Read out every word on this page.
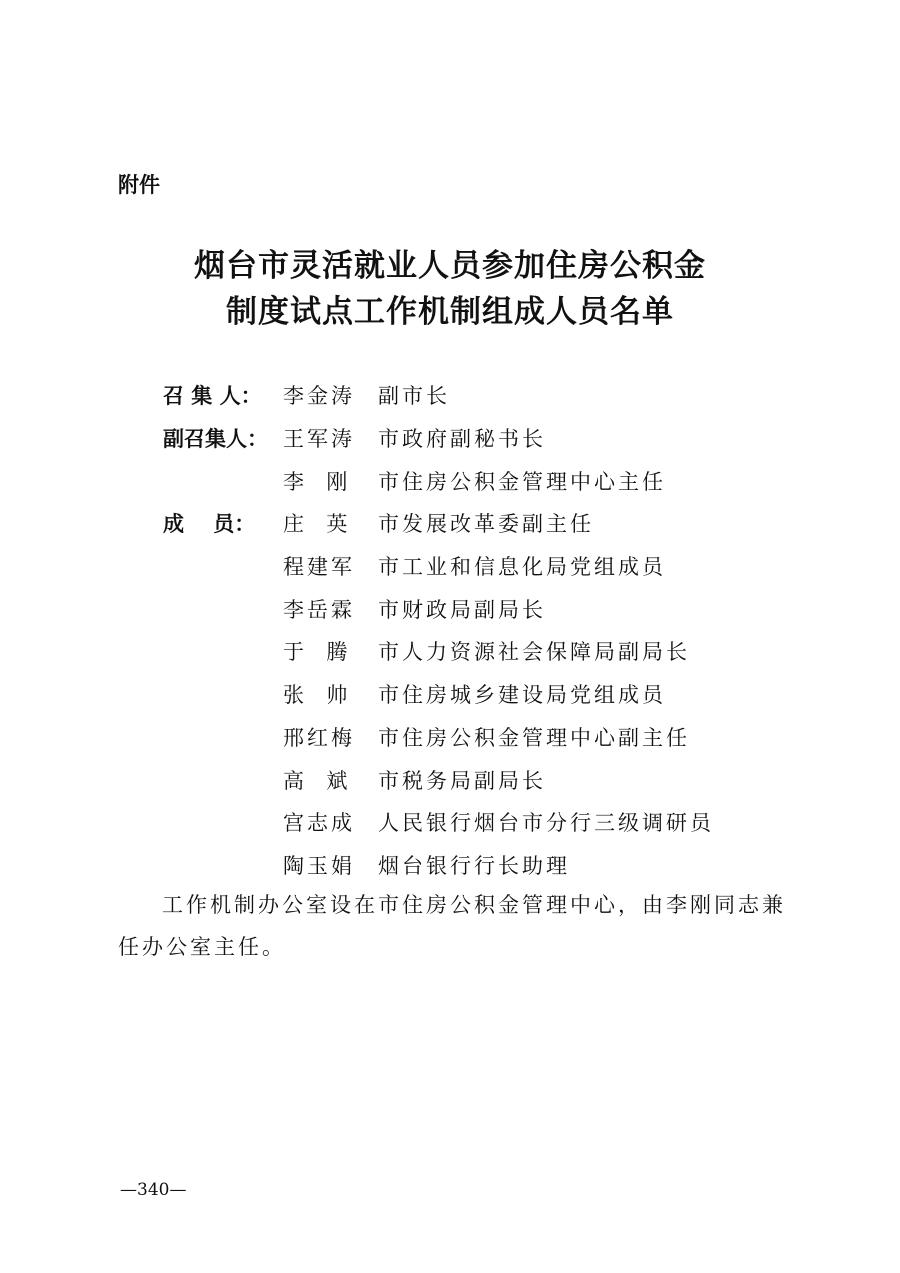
附件
烟台市灵活就业人员参加住房公积金
制度试点工作机制组成人员名单
召 集 人：	李金涛	副市长
副召集人： 王军涛	市政府副秘书长
李  刚	市住房公积金管理中心主任
成    员：	庄  英	市发展改革委副主任
程建军	市工业和信息化局党组成员
李岳霖	市财政局副局长
于  腾	市人力资源社会保障局副局长
张  帅	市住房城乡建设局党组成员
邢红梅	市住房公积金管理中心副主任
高  斌	市税务局副局长
宫志成	人民银行烟台市分行三级调研员
陶玉娟	烟台银行行长助理
工作机制办公室设在市住房公积金管理中心，由李刚同志兼任办公室主任。
—340—
